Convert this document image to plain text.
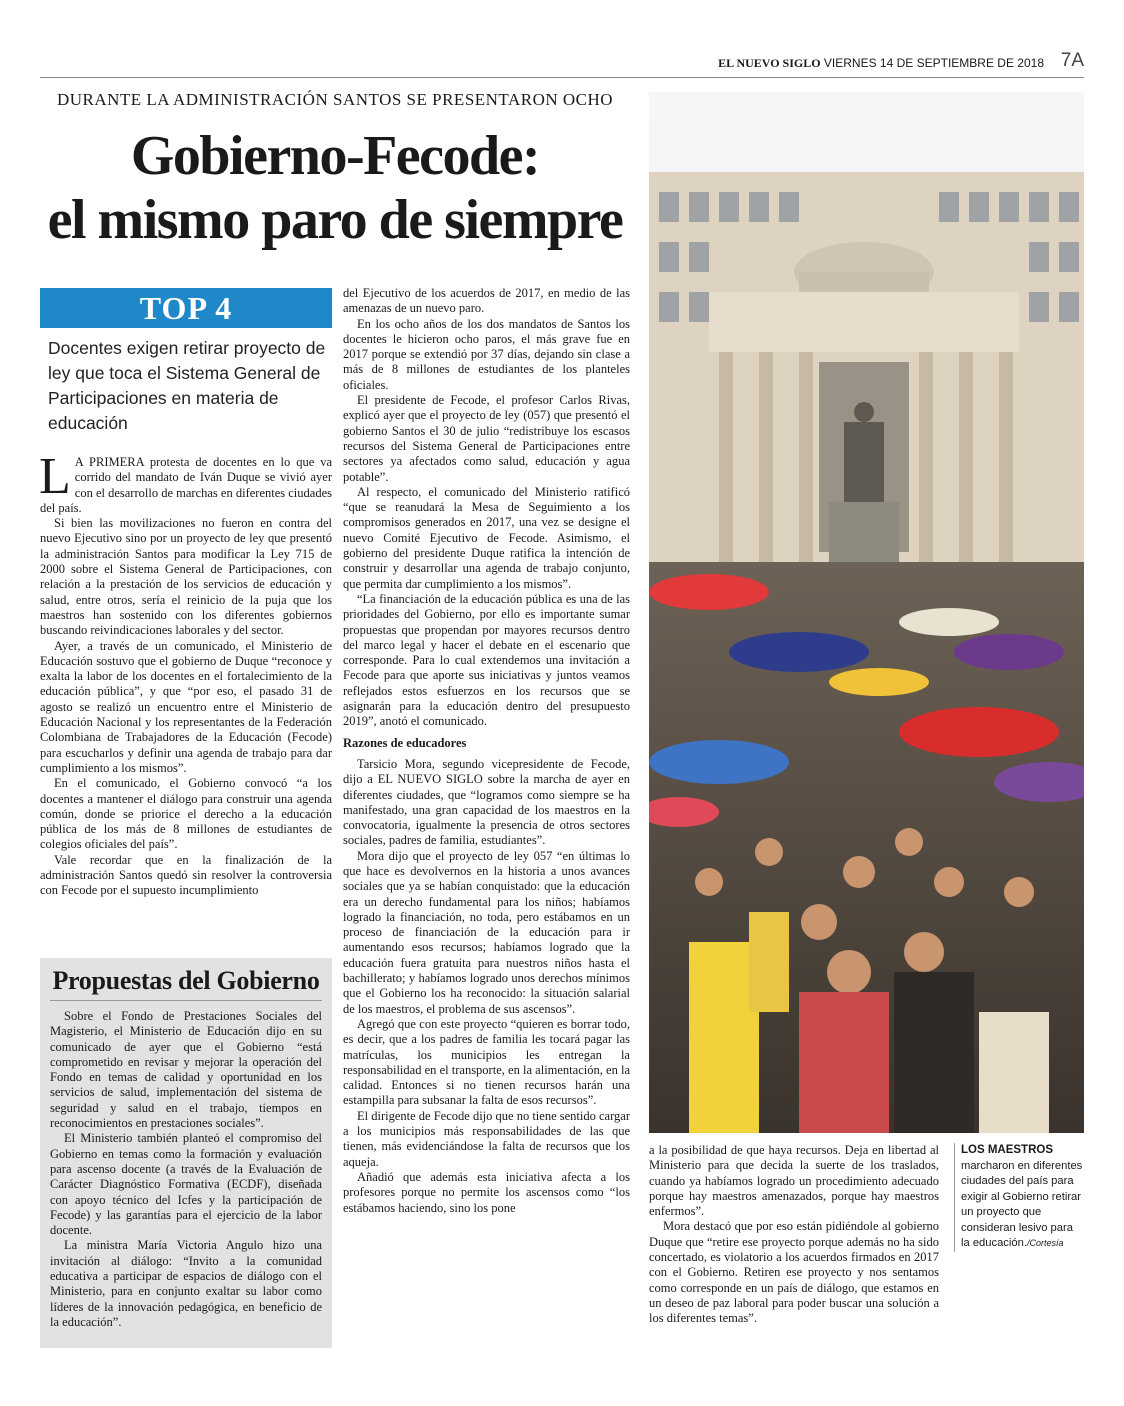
EL NUEVO SIGLO VIERNES 14 DE SEPTIEMBRE DE 2018 7A
DURANTE LA ADMINISTRACIÓN SANTOS SE PRESENTARON OCHO
Gobierno-Fecode:
el mismo paro de siempre
TOP 4
Docentes exigen retirar proyecto de ley que toca el Sistema General de Participaciones en materia de educación

L A PRIMERA protesta de docentes en lo que va corrido del mandato de Iván Duque se vivió ayer con el desarrollo de marchas en diferentes ciudades del país.

Si bien las movilizaciones no fueron en contra del nuevo Ejecutivo sino por un proyecto de ley que presentó la administración Santos para modificar la Ley 715 de 2000 sobre el Sistema General de Participaciones, con relación a la prestación de los servicios de educación y salud, entre otros, sería el reinicio de la puja que los maestros han sostenido con los diferentes gobiernos buscando reivindicaciones laborales y del sector.

Ayer, a través de un comunicado, el Ministerio de Educación sostuvo que el gobierno de Duque “reconoce y exalta la labor de los docentes en el fortalecimiento de la educación pública”, y que “por eso, el pasado 31 de agosto se realizó un encuentro entre el Ministerio de Educación Nacional y los representantes de la Federación Colombiana de Trabajadores de la Educación (Fecode) para escucharlos y definir una agenda de trabajo para dar cumplimiento a los mismos”.

En el comunicado, el Gobierno convocó “a los docentes a mantener el diálogo para construir una agenda común, donde se priorice el derecho a la educación pública de los más de 8 millones de estudiantes de colegios oficiales del país”.

Vale recordar que en la finalización de la administración Santos quedó sin resolver la controversia con Fecode por el supuesto incumplimiento

Propuestas del Gobierno

Sobre el Fondo de Prestaciones Sociales del Magisterio, el Ministerio de Educación dijo en su comunicado de ayer que el Gobierno “está comprometido en revisar y mejorar la operación del Fondo en temas de calidad y oportunidad en los servicios de salud, implementación del sistema de seguridad y salud en el trabajo, tiempos en reconocimientos en prestaciones sociales”.

El Ministerio también planteó el compromiso del Gobierno en temas como la formación y evaluación para ascenso docente (a través de la Evaluación de Carácter Diagnóstico Formativa (ECDF), diseñada con apoyo técnico del Icfes y la participación de Fecode) y las garantías para el ejercicio de la labor docente.

La ministra María Victoria Angulo hizo una invitación al diálogo: “Invito a la comunidad educativa a participar de espacios de diálogo con el Ministerio, para en conjunto exaltar su labor como líderes de la innovación pedagógica, en beneficio de la educación”.

del Ejecutivo de los acuerdos de 2017, en medio de las amenazas de un nuevo paro.

En los ocho años de los dos mandatos de Santos los docentes le hicieron ocho paros, el más grave fue en 2017 porque se extendió por 37 días, dejando sin clase a más de 8 millones de estudiantes de los planteles oficiales.

El presidente de Fecode, el profesor Carlos Rivas, explicó ayer que el proyecto de ley (057) que presentó el gobierno Santos el 30 de julio “redistribuye los escasos recursos del Sistema General de Participaciones entre sectores ya afectados como salud, educación y agua potable”.

Al respecto, el comunicado del Ministerio ratificó “que se reanudará la Mesa de Seguimiento a los compromisos generados en 2017, una vez se designe el nuevo Comité Ejecutivo de Fecode. Asimismo, el gobierno del presidente Duque ratifica la intención de construir y desarrollar una agenda de trabajo conjunto, que permita dar cumplimiento a los mismos”.

“La financiación de la educación pública es una de las prioridades del Gobierno, por ello es importante sumar propuestas que propendan por mayores recursos dentro del marco legal y hacer el debate en el escenario que corresponde. Para lo cual extendemos una invitación a Fecode para que aporte sus iniciativas y juntos veamos reflejados estos esfuerzos en los recursos que se asignarán para la educación dentro del presupuesto 2019”, anotó el comunicado.

Razones de educadores

Tarsicio Mora, segundo vicepresidente de Fecode, dijo a EL NUEVO SIGLO sobre la marcha de ayer en diferentes ciudades, que “logramos como siempre se ha manifestado, una gran capacidad de los maestros en la convocatoria, igualmente la presencia de otros sectores sociales, padres de familia, estudiantes”.

Mora dijo que el proyecto de ley 057 “en últimas lo que hace es devolvernos en la historia a unos avances sociales que ya se habían conquistado: que la educación era un derecho fundamental para los niños; habíamos logrado la financiación, no toda, pero estábamos en un proceso de financiación de la educación para ir aumentando esos recursos; habíamos logrado que la educación fuera gratuita para nuestros niños hasta el bachillerato; y habíamos logrado unos derechos mínimos que el Gobierno los ha reconocido: la situación salarial de los maestros, el problema de sus ascensos”.

Agregó que con este proyecto “quieren es borrar todo, es decir, que a los padres de familia les tocará pagar las matrículas, los municipios les entregan la responsabilidad en el transporte, en la alimentación, en la calidad. Entonces si no tienen recursos harán una estampilla para subsanar la falta de esos recursos”.

El dirigente de Fecode dijo que no tiene sentido cargar a los municipios más responsabilidades de las que tienen, más evidenciándose la falta de recursos que los aqueja.

Añadió que además esta iniciativa afecta a los profesores porque no permite los ascensos como “los estábamos haciendo, sino los pone

a la posibilidad de que haya recursos. Deja en libertad al Ministerio para que decida la suerte de los traslados, cuando ya habíamos logrado un procedimiento adecuado porque hay maestros amenazados, porque hay maestros enfermos”.

Mora destacó que por eso están pidiéndole al gobierno Duque que “retire ese proyecto porque además no ha sido concertado, es violatorio a los acuerdos firmados en 2017 con el Gobierno. Retiren ese proyecto y nos sentamos como corresponde en un país de diálogo, que estamos en un deseo de paz laboral para poder buscar una solución a los diferentes temas”.

LOS MAESTROS
marcharon en diferentes ciudades del país para exigir al Gobierno retirar un proyecto que consideran lesivo para la educación./Cortesía
